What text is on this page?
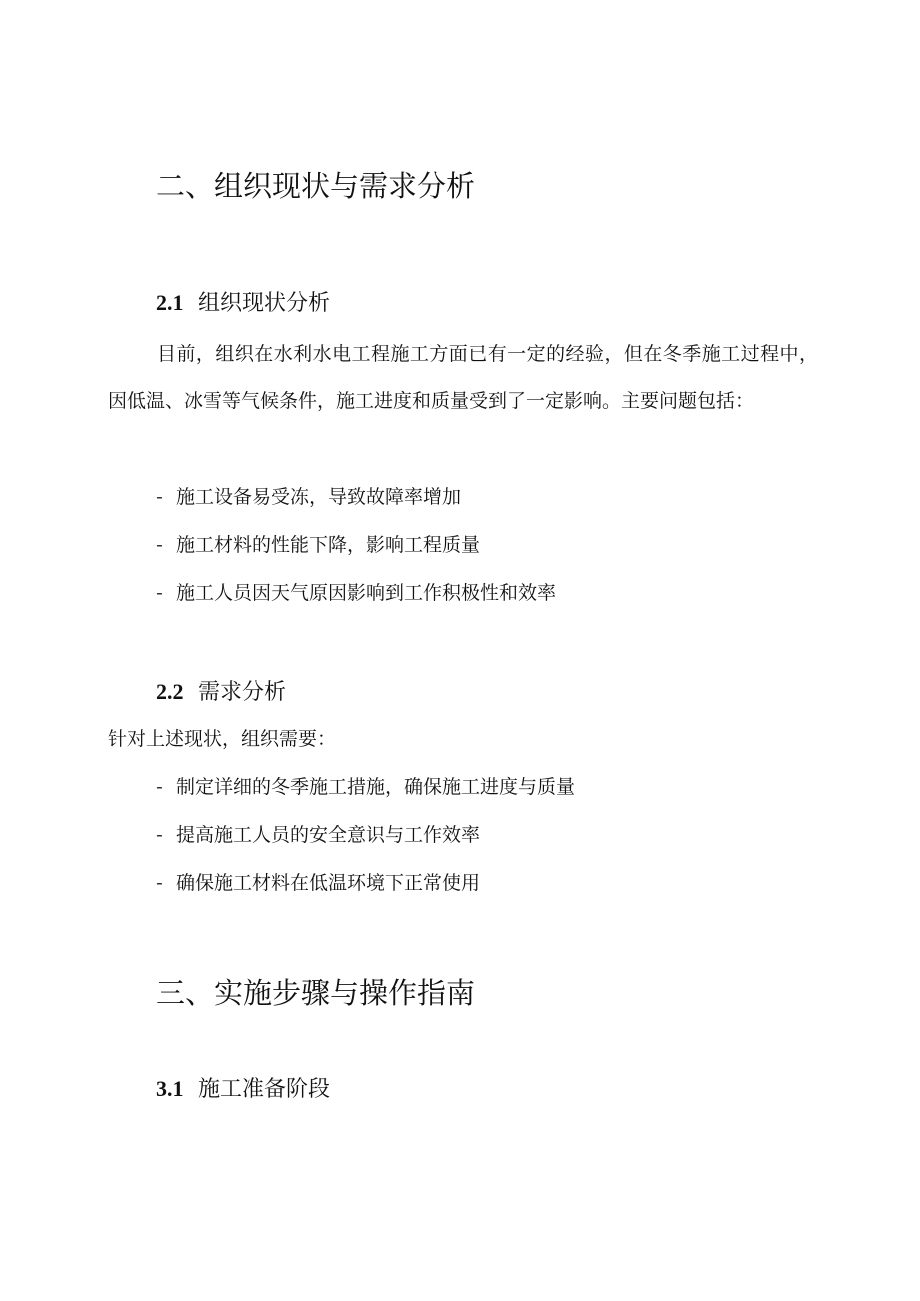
二、组织现状与需求分析
2.1 组织现状分析

目前，组织在水利水电工程施工方面已有一定的经验，但在冬季施工过程中，因低温、冰雪等气候条件，施工进度和质量受到了一定影响。主要问题包括：

- 施工设备易受冻，导致故障率增加

- 施工材料的性能下降，影响工程质量

- 施工人员因天气原因影响到工作积极性和效率

2.2 需求分析

针对上述现状，组织需要：

- 制定详细的冬季施工措施，确保施工进度与质量

- 提高施工人员的安全意识与工作效率

- 确保施工材料在低温环境下正常使用

三、实施步骤与操作指南
3.1 施工准备阶段
